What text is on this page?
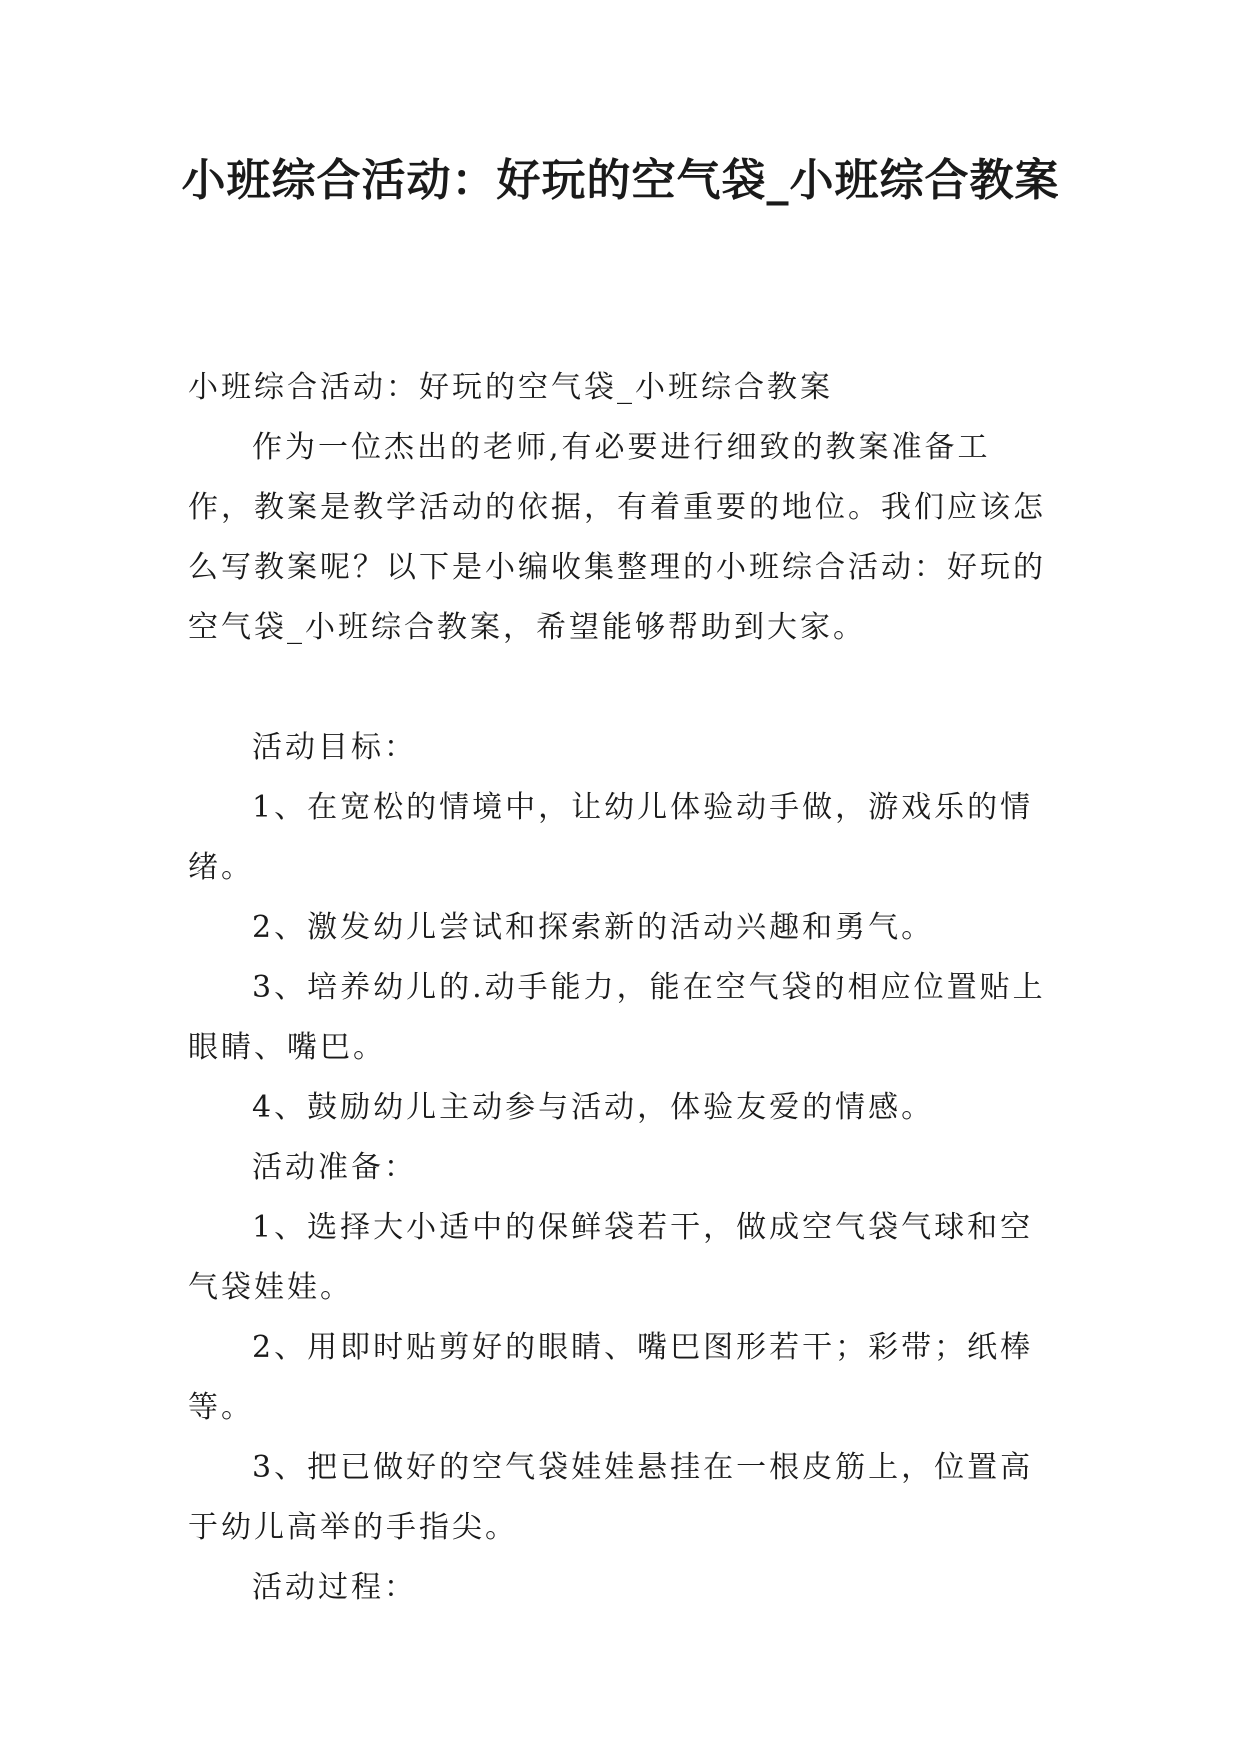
小班综合活动：好玩的空气袋_小班综合教案

小班综合活动：好玩的空气袋_小班综合教案

作为一位杰出的老师,有必要进行细致的教案准备工作，教案是教学活动的依据，有着重要的地位。我们应该怎么写教案呢？以下是小编收集整理的小班综合活动：好玩的空气袋_小班综合教案，希望能够帮助到大家。

活动目标：

1、在宽松的情境中，让幼儿体验动手做，游戏乐的情绪。

2、激发幼儿尝试和探索新的活动兴趣和勇气。

3、培养幼儿的.动手能力，能在空气袋的相应位置贴上眼睛、嘴巴。

4、鼓励幼儿主动参与活动，体验友爱的情感。

活动准备：

1、选择大小适中的保鲜袋若干，做成空气袋气球和空气袋娃娃。

2、用即时贴剪好的眼睛、嘴巴图形若干；彩带；纸棒等。

3、把已做好的空气袋娃娃悬挂在一根皮筋上，位置高于幼儿高举的手指尖。

活动过程：
